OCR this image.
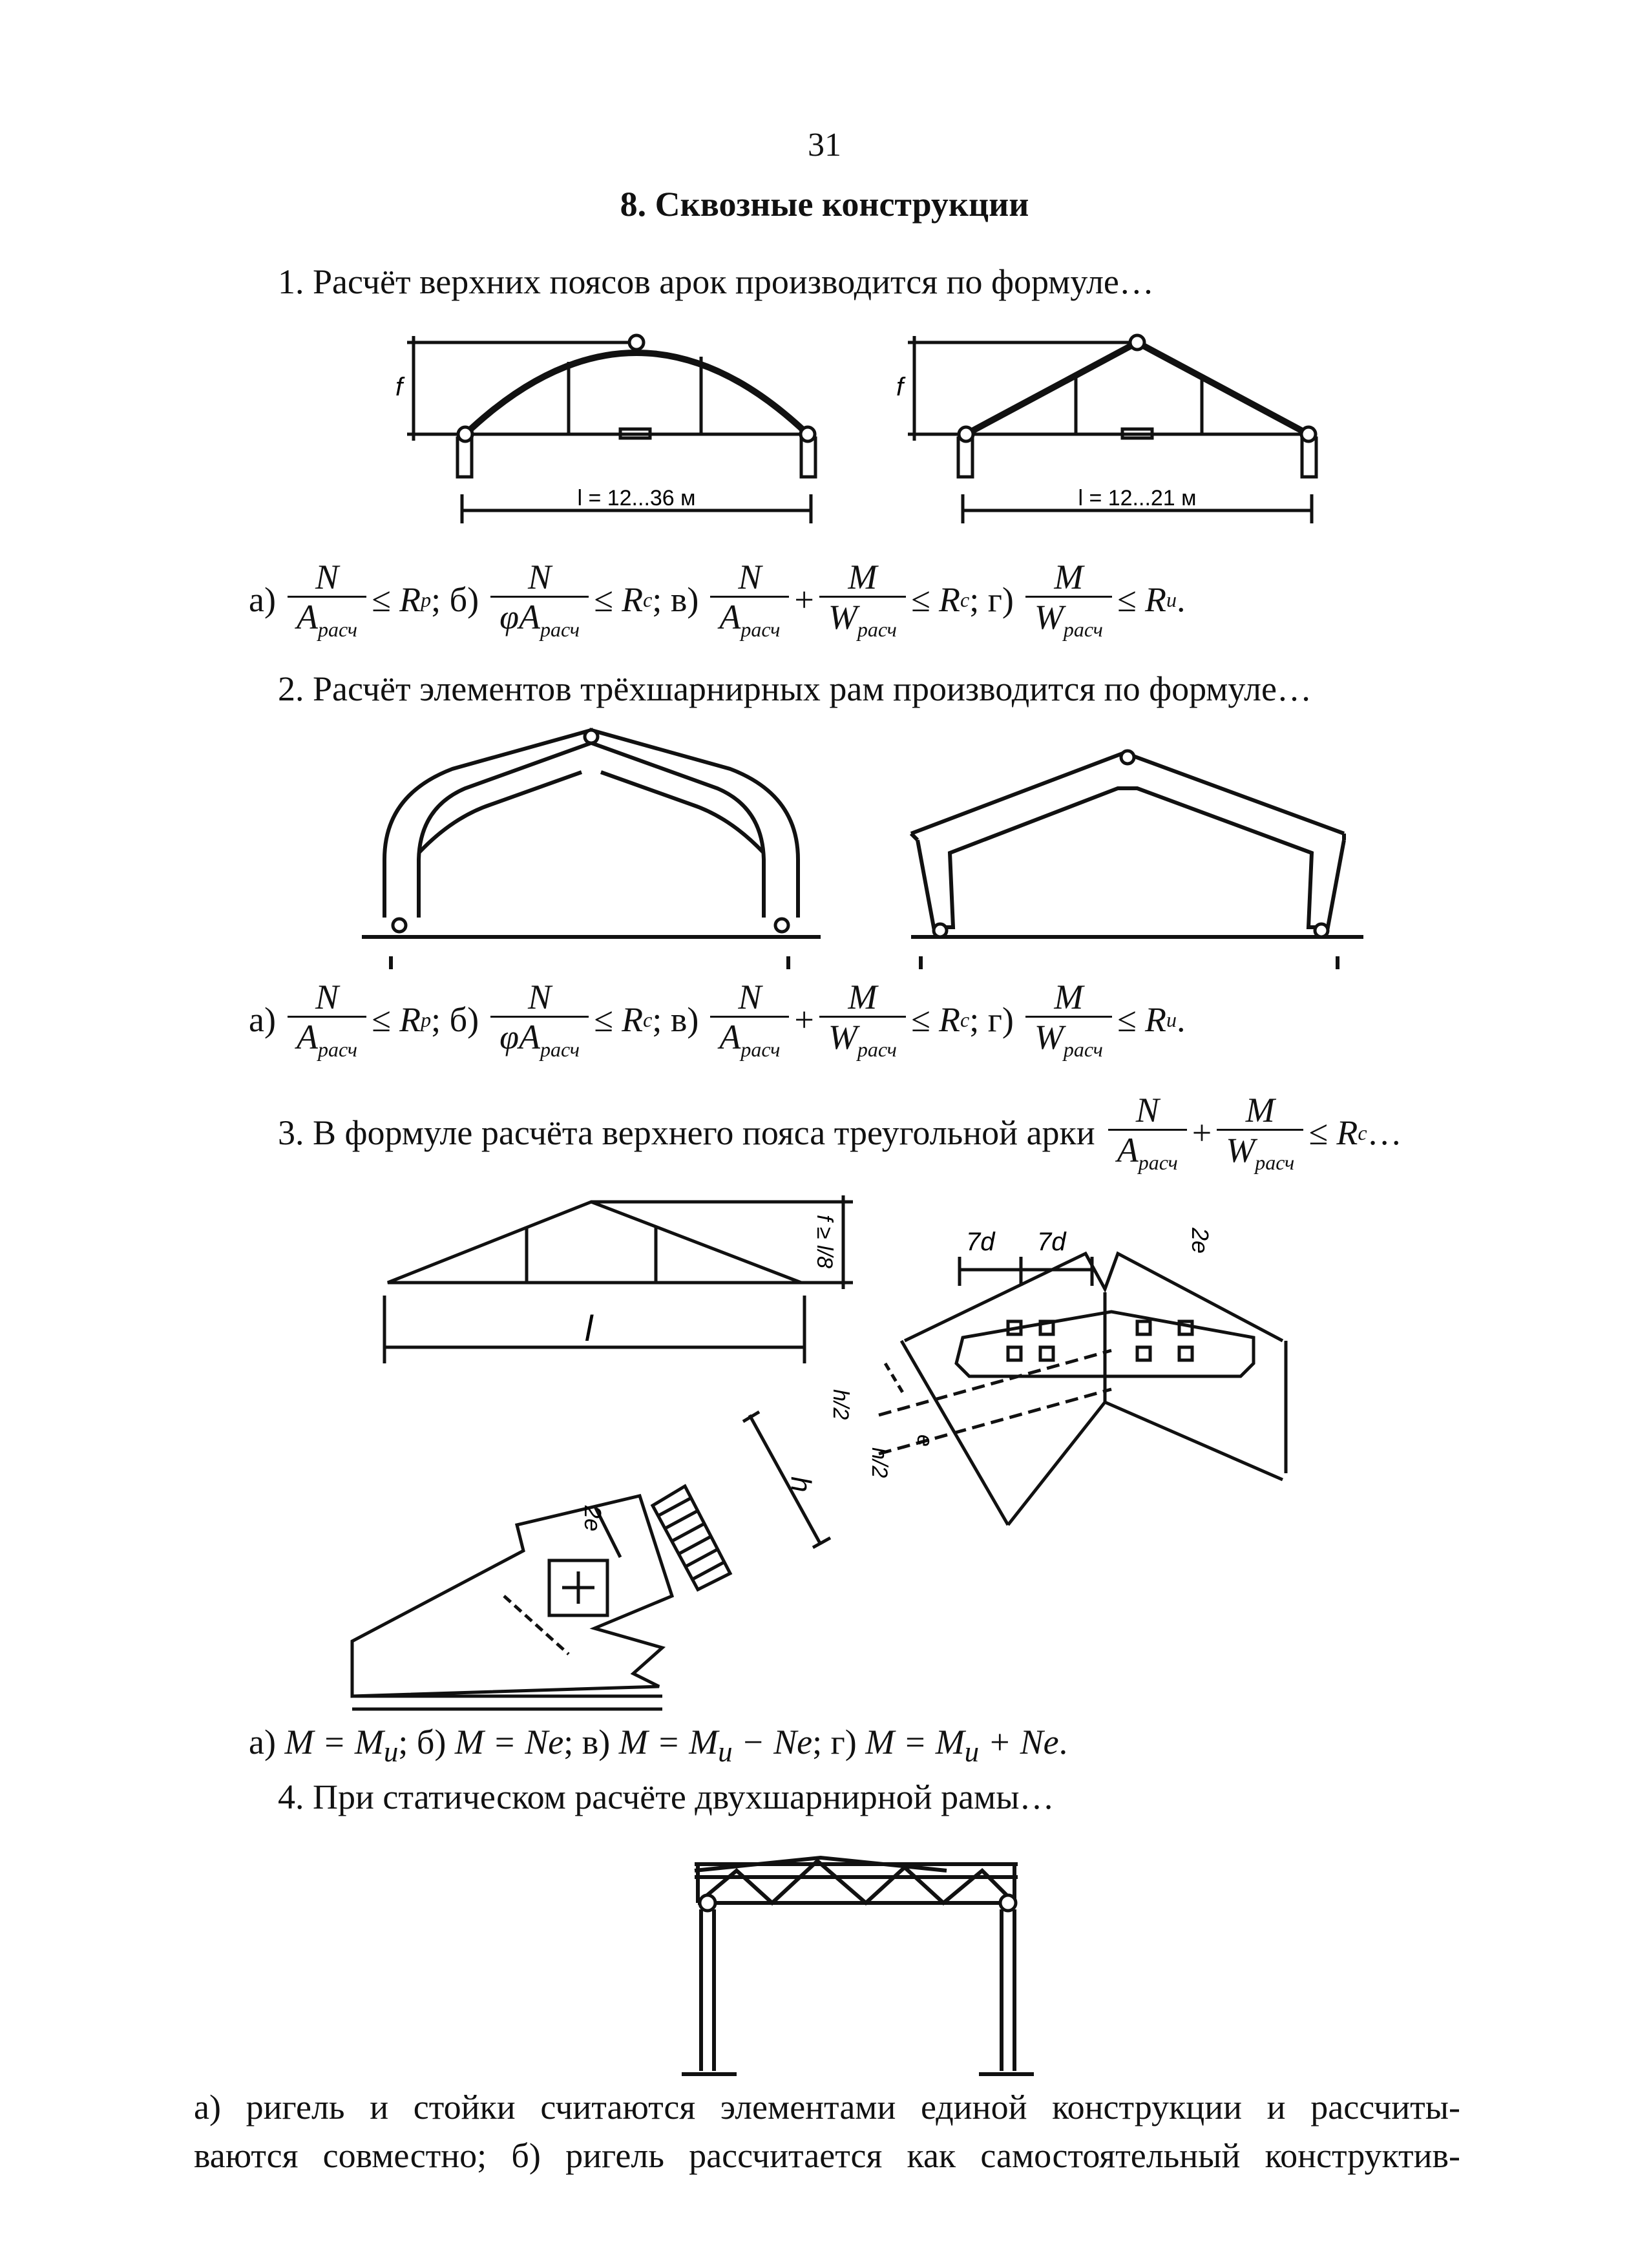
31
8. Сквозные конструкции
1. Расчёт верхних поясов арок производится по формуле…
f	f
l = 12...36 м	l = 12...21 м
$а) \frac{N}{A_{расч}} \le R$ p ; $б) \frac{N}{\varphi A_{расч}} \le R$ c ; $в) \frac{N}{A_{расч}} + \frac{M}{W_{расч}} \le R$ c ; $г) \frac{M}{W_{расч}} \le R$ и .
2. Расчёт элементов трёхшарнирных рам производится по формуле…
$а) \frac{N}{A_{расч}} \le R$ p ; $б) \frac{N}{\varphi A_{расч}} \le R$ c ; $в) \frac{N}{A_{расч}} + \frac{M}{W_{расч}} \le R$ c ; $г) \frac{M}{W_{расч}} \le R$ и .
3. В формуле расчёта верхнего пояса треугольной арки $\frac{N}{A_{расч}} + \frac{M}{W_{расч}} \le R$ c …
l
f ≥ l/8	7d 7d	2e
h
h/2
h/2
e
2e
а) $M = M_и$; б) M = Ne; в) $M = M_и - Ne$; г) $M = M_и + Ne$.
4. При статическом расчёте двухшарнирной рамы…
а) ригель и стойки считаются элементами единой конструкции и рассчиты-
ваются совместно; б) ригель рассчитается как самостоятельный конструктив-
